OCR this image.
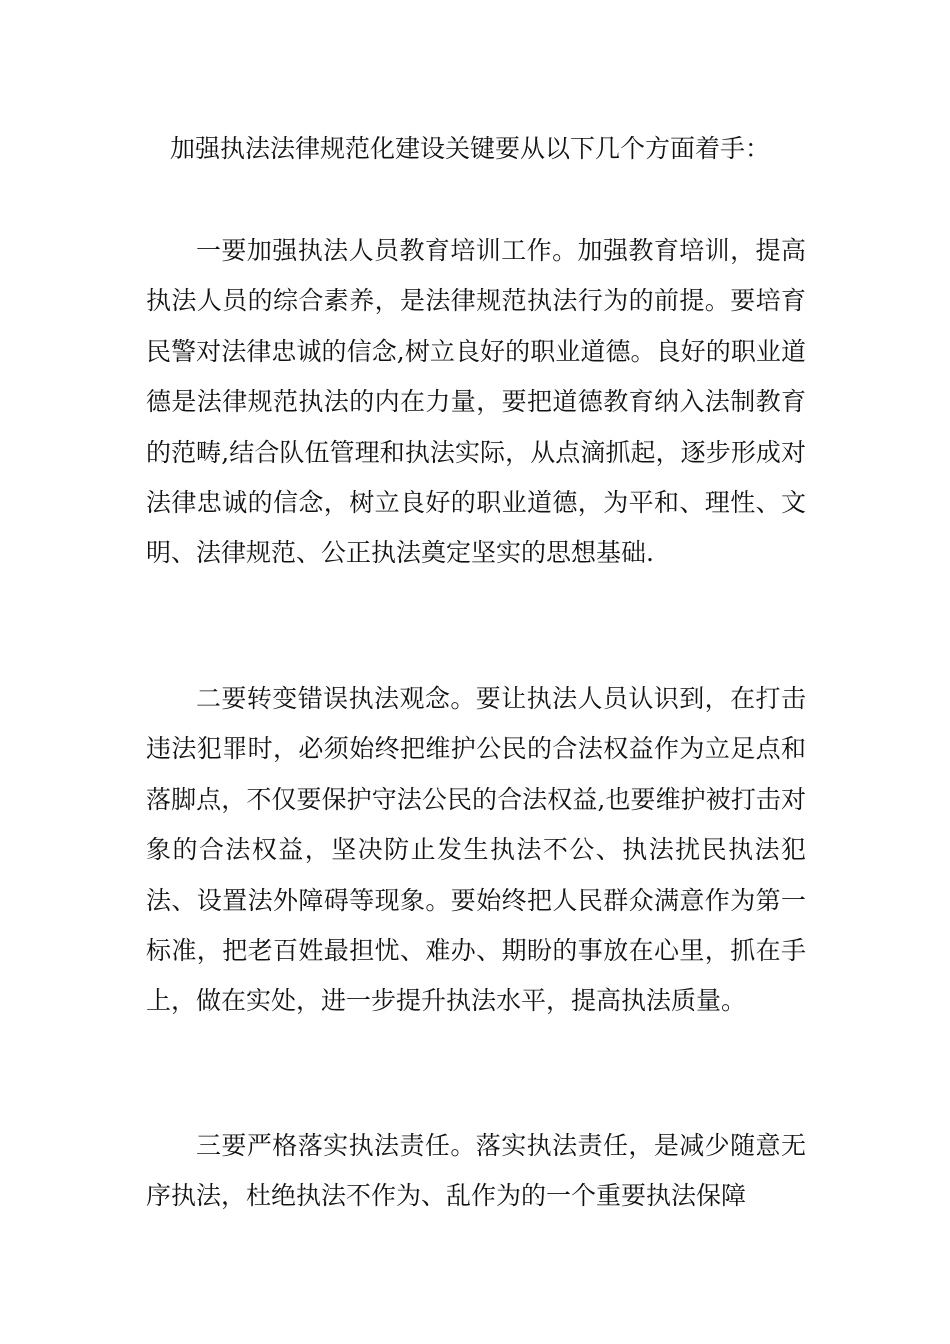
加强执法法律规范化建设关键要从以下几个方面着手：

一要加强执法人员教育培训工作。加强教育培训，提高执法人员的综合素养，是法律规范执法行为的前提。要培育民警对法律忠诚的信念,树立良好的职业道德。良好的职业道德是法律规范执法的内在力量，要把道德教育纳入法制教育的范畴,结合队伍管理和执法实际，从点滴抓起，逐步形成对法律忠诚的信念，树立良好的职业道德，为平和、理性、文明、法律规范、公正执法奠定坚实的思想基础.

二要转变错误执法观念。要让执法人员认识到，在打击违法犯罪时，必须始终把维护公民的合法权益作为立足点和落脚点，不仅要保护守法公民的合法权益,也要维护被打击对象的合法权益，坚决防止发生执法不公、执法扰民执法犯法、设置法外障碍等现象。要始终把人民群众满意作为第一标准，把老百姓最担忧、难办、期盼的事放在心里，抓在手上，做在实处，进一步提升执法水平，提高执法质量。

三要严格落实执法责任。落实执法责任，是减少随意无序执法，杜绝执法不作为、乱作为的一个重要执法保障
